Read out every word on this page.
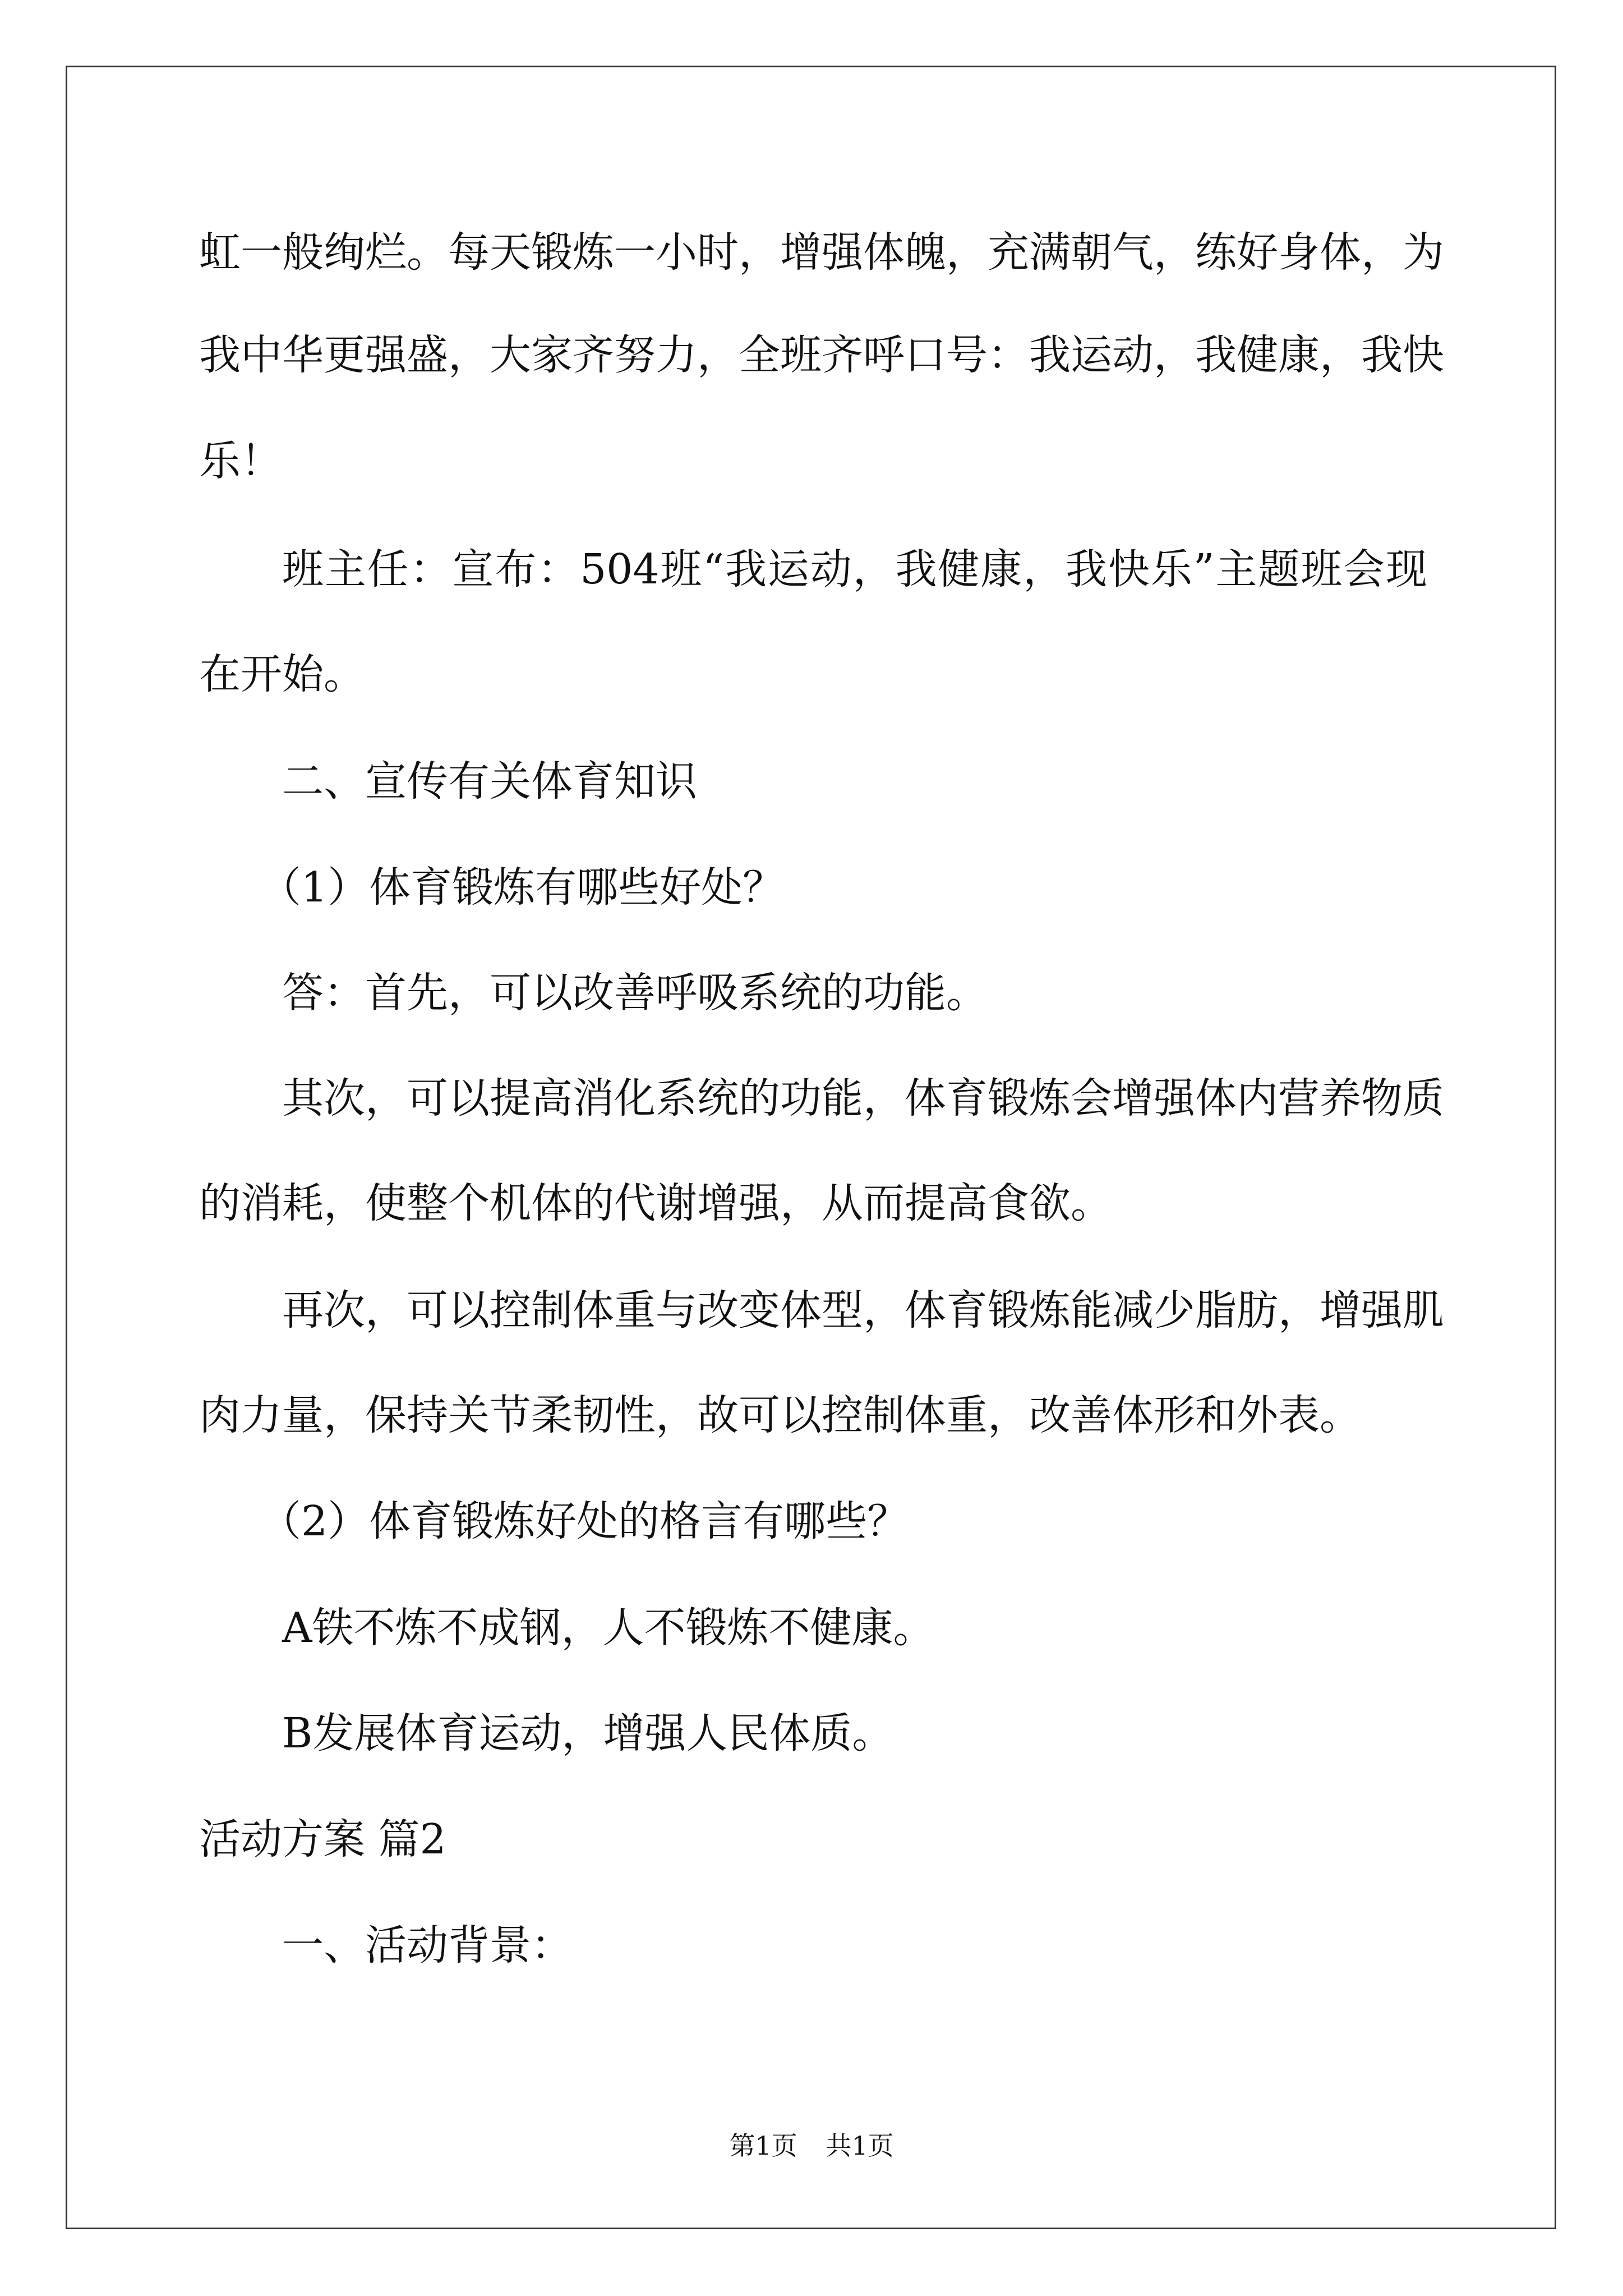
虹一般绚烂。每天锻炼一小时，增强体魄，充满朝气，练好身体，为
我中华更强盛，大家齐努力，全班齐呼口号：我运动，我健康，我快
乐！
班主任：宣布：504班“我运动，我健康，我快乐”主题班会现
在开始。
二、宣传有关体育知识
（1）体育锻炼有哪些好处？
答：首先，可以改善呼吸系统的功能。
其次，可以提高消化系统的功能，体育锻炼会增强体内营养物质
的消耗，使整个机体的代谢增强，从而提高食欲。
再次，可以控制体重与改变体型，体育锻炼能减少脂肪，增强肌
肉力量，保持关节柔韧性，故可以控制体重，改善体形和外表。
（2）体育锻炼好处的格言有哪些？
A铁不炼不成钢，人不锻炼不健康。
B发展体育运动，增强人民体质。
活动方案 篇2
一、活动背景：
第1页 共1页
